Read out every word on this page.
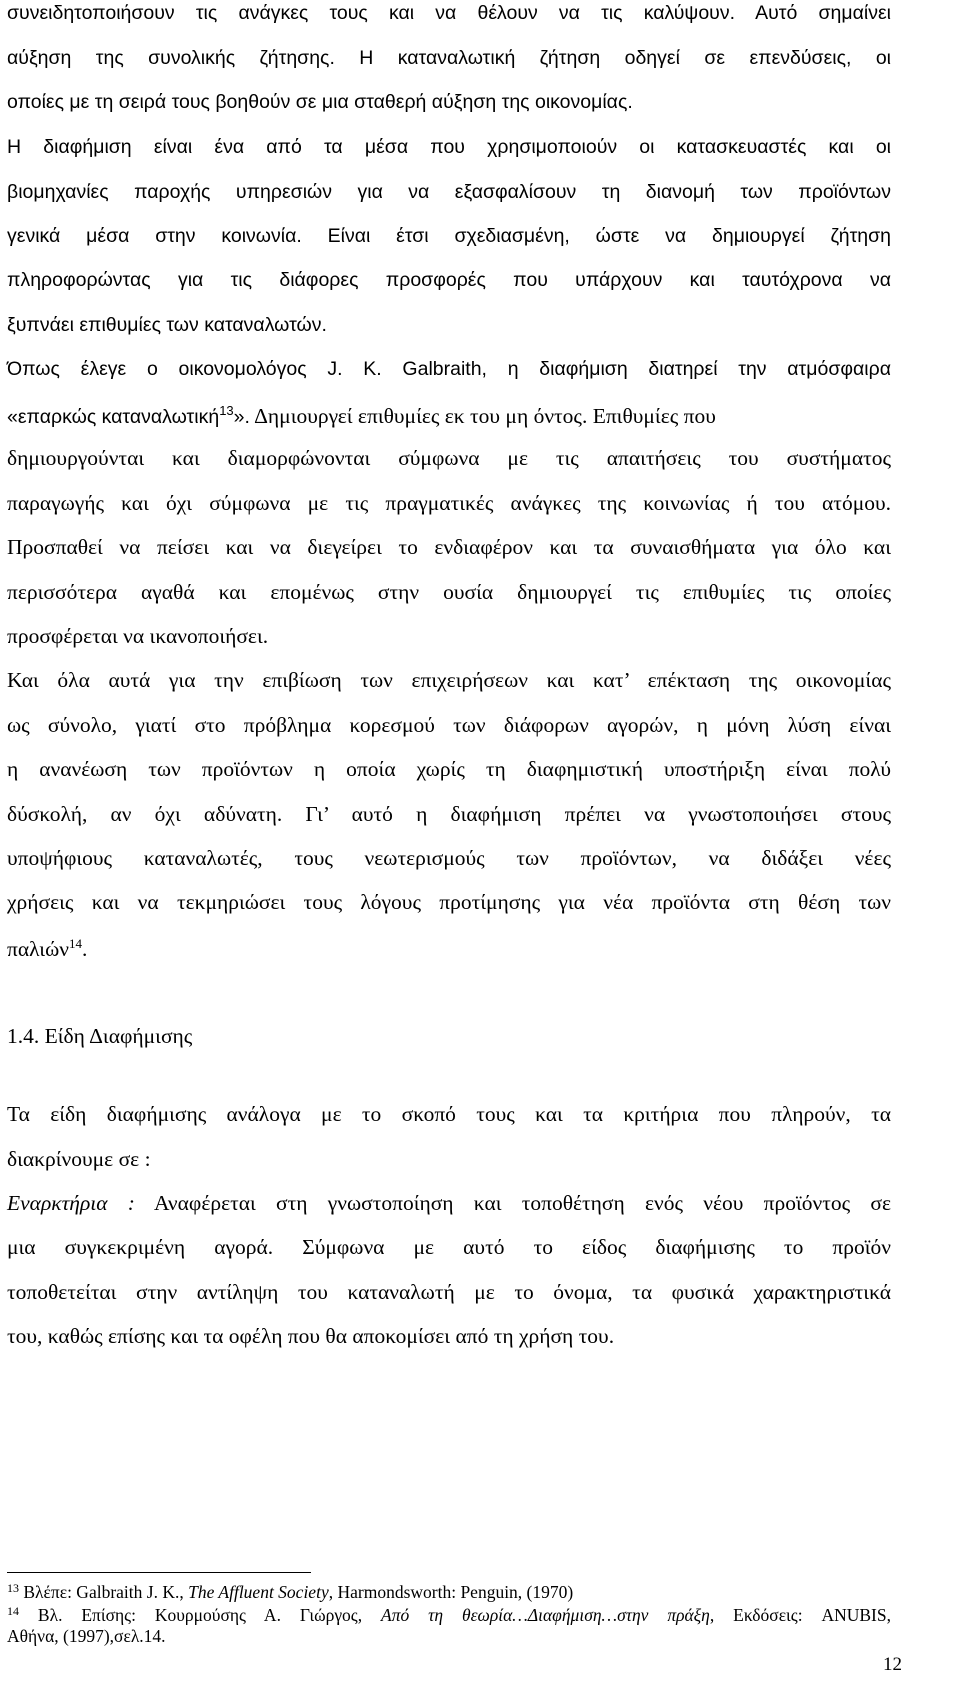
συνειδητοποιήσουν τις ανάγκες τους και να θέλουν να τις καλύψουν. Αυτό σημαίνει
αύξηση της συνολικής ζήτησης. Η καταναλωτική ζήτηση οδηγεί σε επενδύσεις, οι
οποίες με τη σειρά τους βοηθούν σε μια σταθερή αύξηση της οικονομίας.
Η διαφήμιση είναι ένα από τα μέσα που χρησιμοποιούν οι κατασκευαστές και οι
βιομηχανίες παροχής υπηρεσιών για να εξασφαλίσουν τη διανομή των προϊόντων
γενικά μέσα στην κοινωνία. Είναι έτσι σχεδιασμένη, ώστε να δημιουργεί ζήτηση
πληροφορώντας για τις διάφορες προσφορές που υπάρχουν και ταυτόχρονα να
ξυπνάει επιθυμίες των καταναλωτών.
Όπως έλεγε ο οικονομολόγος J. K. Galbraith, η διαφήμιση διατηρεί την ατμόσφαιρα
«επαρκώς καταναλωτική$^{13}$». Δημιουργεί επιθυμίες εκ του μη όντος. Επιθυμίες που
δημιουργούνται και διαμορφώνονται σύμφωνα με τις απαιτήσεις του συστήματος
παραγωγής και όχι σύμφωνα με τις πραγματικές ανάγκες της κοινωνίας ή του ατόμου.
Προσπαθεί να πείσει και να διεγείρει το ενδιαφέρον και τα συναισθήματα για όλο και
περισσότερα αγαθά και επομένως στην ουσία δημιουργεί τις επιθυμίες τις οποίες
προσφέρεται να ικανοποιήσει.
Και όλα αυτά για την επιβίωση των επιχειρήσεων και κατ’ επέκταση της οικονομίας
ως σύνολο, γιατί στο πρόβλημα κορεσμού των διάφορων αγορών, η μόνη λύση είναι
η ανανέωση των προϊόντων η οποία χωρίς τη διαφημιστική υποστήριξη είναι πολύ
δύσκολή, αν όχι αδύνατη. Γι’ αυτό η διαφήμιση πρέπει να γνωστοποιήσει στους
υποψήφιους καταναλωτές, τους νεωτερισμούς των προϊόντων, να διδάξει νέες
χρήσεις και να τεκμηριώσει τους λόγους προτίμησης για νέα προϊόντα στη θέση των
παλιών$^{14}$.
1.4. Είδη Διαφήμισης
Τα είδη διαφήμισης ανάλογα με το σκοπό τους και τα κριτήρια που πληρούν, τα
διακρίνουμε σε :
Εναρκτήρια : Αναφέρεται στη γνωστοποίηση και τοποθέτηση ενός νέου προϊόντος σε
μια συγκεκριμένη αγορά. Σύμφωνα με αυτό το είδος διαφήμισης το προϊόν
τοποθετείται στην αντίληψη του καταναλωτή με το όνομα, τα φυσικά χαρακτηριστικά
του, καθώς επίσης και τα οφέλη που θα αποκομίσει από τη χρήση του.
$^{13}$ Βλέπε: Galbraith J. K., The Affluent Society, Harmondsworth: Penguin, (1970)
$^{14}$ Βλ. Επίσης: Κουρμούσης Α. Γιώργος, Από τη θεωρία…Διαφήμιση…στην πράξη, Εκδόσεις: ANUBIS,
Αθήνα, (1997),σελ.14.
12
